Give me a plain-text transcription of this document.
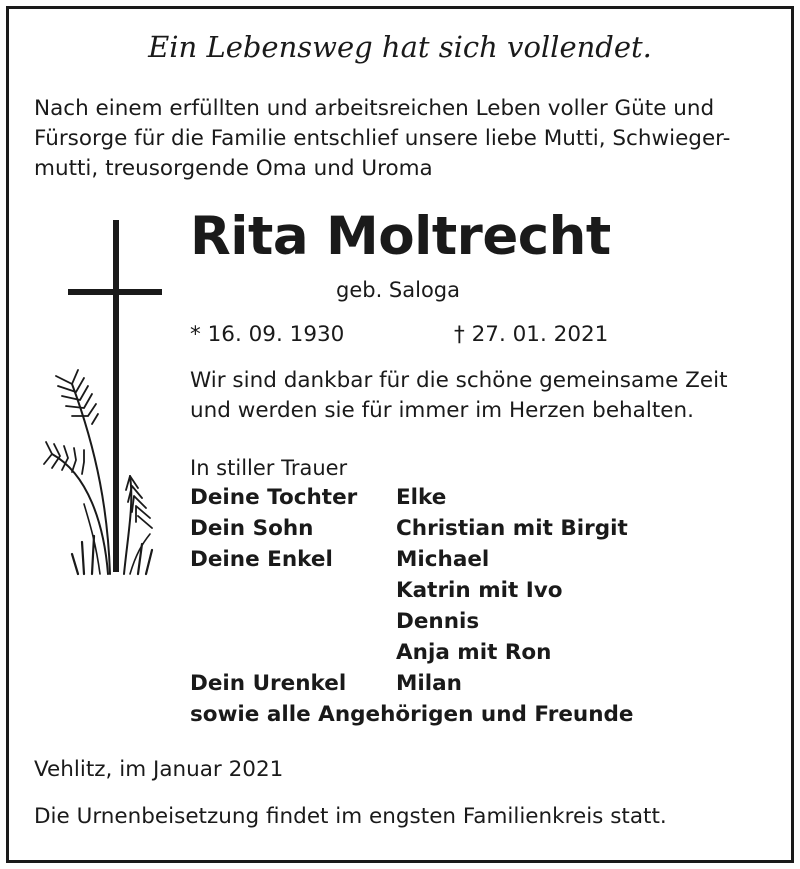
Ein Lebensweg hat sich vollendet.
Nach einem erfüllten und arbeitsreichen Leben voller Güte und
Fürsorge für die Familie entschlief unsere liebe Mutti, Schwieger-
mutti, treusorgende Oma und Uroma
Rita Moltrecht
geb. Saloga
* 16. 09. 1930	† 27. 01. 2021
Wir sind dankbar für die schöne gemeinsame Zeit
und werden sie für immer im Herzen behalten.
In stiller Trauer
Deine Tochter Elke
Dein Sohn	Christian mit Birgit
Deine Enkel	Michael
Katrin mit Ivo
Dennis
Anja mit Ron
Dein Urenkel Milan
sowie alle Angehörigen und Freunde
Vehlitz, im Januar 2021
Die Urnenbeisetzung findet im engsten Familienkreis statt.
